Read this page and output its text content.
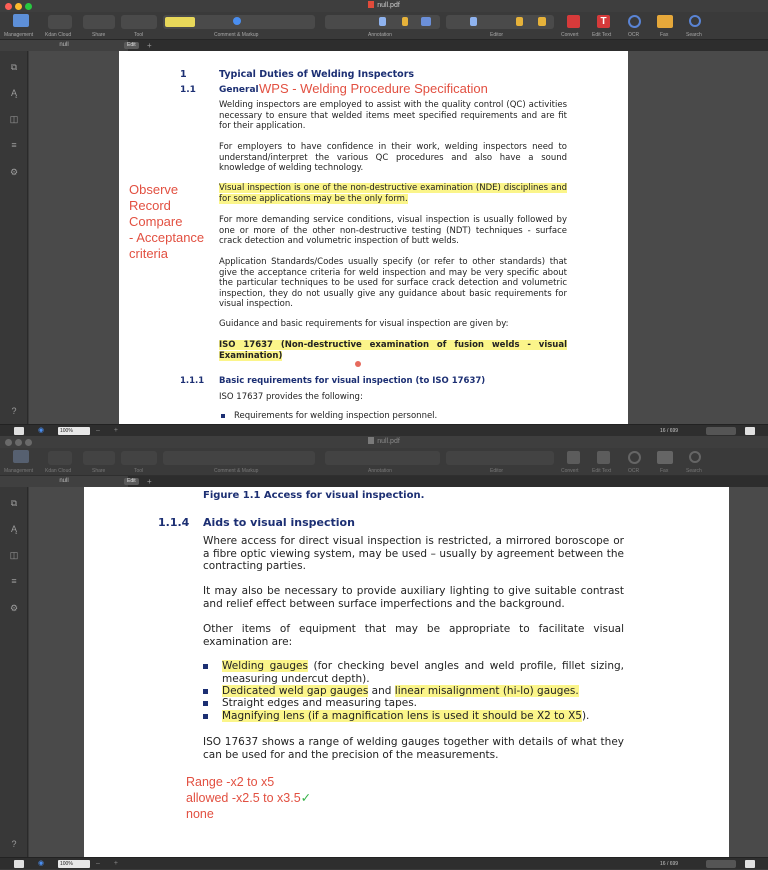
null.pdf
T
Management Kdan Cloud	Share	Tool	Comment & Markup	Annotation	Editor	Convert	Edit Text	OCR	Fax	Search
null	Edit	+
⧉
Ą
◫
≡
⚙
?
1	Typical Duties of Welding Inspectors
1.1	General WPS - Welding Procedure Specification

Welding inspectors are employed to assist with the quality control (QC) activities necessary to ensure that welded items meet specified requirements and are fit for their application.

For employers to have confidence in their work, welding inspectors need to understand/interpret the various QC procedures and also have a sound knowledge of welding technology.

Visual inspection is one of the non-destructive examination (NDE) disciplines and for some applications may be the only form.

For more demanding service conditions, visual inspection is usually followed by one or more of the other non-destructive testing (NDT) techniques - surface crack detection and volumetric inspection of butt welds.

Application Standards/Codes usually specify (or refer to other standards) that give the acceptance criteria for weld inspection and may be very specific about the particular techniques to be used for surface crack detection and volumetric inspection, they do not usually give any guidance about basic requirements for visual inspection.

Guidance and basic requirements for visual inspection are given by:

ISO 17637 (Non-destructive examination of fusion welds - visual Examination)

1.1.1 Basic requirements for visual inspection (to ISO 17637)

ISO 17637 provides the following:

Requirements for welding inspection personnel.

Observe
Record
Compare
- Acceptance
criteria
◉	100%	– +	16 / 699
null.pdf
Management Kdan Cloud	Share	Tool	Comment & Markup	Annotation	Editor	Convert	Edit Text	OCR	Fax	Search
null	Edit	+
⧉
Ą
◫
≡
⚙
?
Figure 1.1 Access for visual inspection.
1.1.4 Aids to visual inspection

Where access for direct visual inspection is restricted, a mirrored boroscope or a fibre optic viewing system, may be used – usually by agreement between the contracting parties.

It may also be necessary to provide auxiliary lighting to give suitable contrast and relief effect between surface imperfections and the background.

Other items of equipment that may be appropriate to facilitate visual examination are:

Welding gauges (for checking bevel angles and weld profile, fillet sizing, measuring undercut depth).

Dedicated weld gap gauges and linear misalignment (hi-lo) gauges.

Straight edges and measuring tapes.

Magnifying lens (if a magnification lens is used it should be X2 to X5).

ISO 17637 shows a range of welding gauges together with details of what they can be used for and the precision of the measurements.

Range -x2 to x5
allowed -x2.5 to x3.5✓
none
◉	100%	– +	16 / 699
